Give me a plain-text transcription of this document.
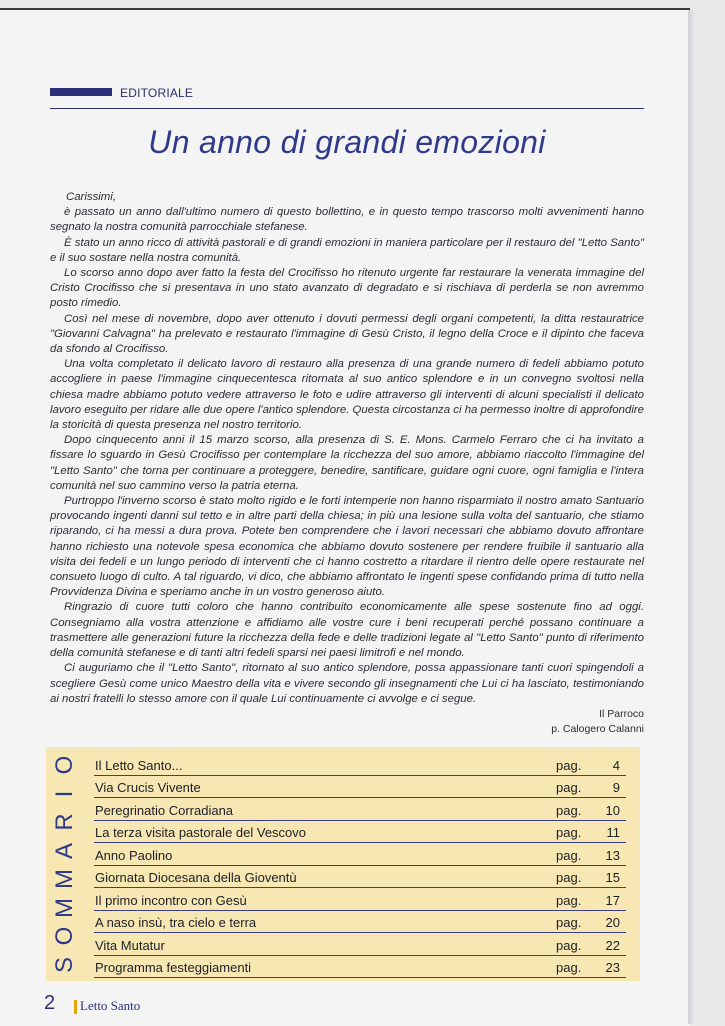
EDITORIALE
Un anno di grandi emozioni

Carissimi,

è passato un anno dall'ultimo numero di questo bollettino, e in questo tempo trascorso molti avvenimenti hanno segnato la nostra comunità parrocchiale stefanese.

È stato un anno ricco di attività pastorali e di grandi emozioni in maniera particolare per il restauro del "Letto Santo" e il suo sostare nella nostra comunità.

Lo scorso anno dopo aver fatto la festa del Crocifisso ho ritenuto urgente far restaurare la venerata immagine del Cristo Crocifisso che si presentava in uno stato avanzato di degradato e si rischiava di perderla se non avremmo posto rimedio.

Così nel mese di novembre, dopo aver ottenuto i dovuti permessi degli organi competenti, la ditta restauratrice "Giovanni Calvagna" ha prelevato e restaurato l'immagine di Gesù Cristo, il legno della Croce e il dipinto che faceva da sfondo al Crocifisso.

Una volta completato il delicato lavoro di restauro alla presenza di una grande numero di fedeli abbiamo potuto accogliere in paese l'immagine cinquecentesca ritornata al suo antico splendore e in un convegno svoltosi nella chiesa madre abbiamo potuto vedere attraverso le foto e udire attraverso gli interventi di alcuni specialisti il delicato lavoro eseguito per ridare alle due opere l'antico splendore. Questa circostanza ci ha permesso inoltre di approfondire la storicità di questa presenza nel nostro territorio.

Dopo cinquecento anni il 15 marzo scorso, alla presenza di S. E. Mons. Carmelo Ferraro che ci ha invitato a fissare lo sguardo in Gesù Crocifisso per contemplare la ricchezza del suo amore, abbiamo riaccolto l'immagine del "Letto Santo" che torna per continuare a proteggere, benedire, santificare, guidare ogni cuore, ogni famiglia e l'intera comunità nel suo cammino verso la patria eterna.

Purtroppo l'inverno scorso è stato molto rigido e le forti intemperie non hanno risparmiato il nostro amato Santuario provocando ingenti danni sul tetto e in altre parti della chiesa; in più una lesione sulla volta del santuario, che stiamo riparando, ci ha messi a dura prova. Potete ben comprendere che i lavori necessari che abbiamo dovuto affrontare hanno richiesto una notevole spesa economica che abbiamo dovuto sostenere per rendere fruibile il santuario alla visita dei fedeli e un lungo periodo di interventi che ci hanno costretto a ritardare il rientro delle opere restaurate nel consueto luogo di culto. A tal riguardo, vi dico, che abbiamo affrontato le ingenti spese confidando prima di tutto nella Provvidenza Divina e speriamo anche in un vostro generoso aiuto.

Ringrazio di cuore tutti coloro che hanno contribuito economicamente alle spese sostenute fino ad oggi. Consegniamo alla vostra attenzione e affidiamo alle vostre cure i beni recuperati perché possano continuare a trasmettere alle generazioni future la ricchezza della fede e delle tradizioni legate al "Letto Santo" punto di riferimento della comunità stefanese e di tanti altri fedeli sparsi nei paesi limitrofi e nel mondo.

Ci auguriamo che il "Letto Santo", ritornato al suo antico splendore, possa appassionare tanti cuori spingendoli a scegliere Gesù come unico Maestro della vita e vivere secondo gli insegnamenti che Lui ci ha lasciato, testimoniando ai nostri fratelli lo stesso amore con il quale Lui continuamente ci avvolge e ci segue.

Il Parroco
p. Calogero Calanni
O
I
R
A
M
M
O
S
Il Letto Santo...	pag. 4
Via Crucis Vivente	pag. 9
Peregrinatio Corradiana	pag. 10
La terza visita pastorale del Vescovo	pag. 11
Anno Paolino	pag. 13
Giornata Diocesana della Gioventù	pag. 15
Il primo incontro con Gesù	pag. 17
A naso insù, tra cielo e terra	pag. 20
Vita Mutatur	pag. 22
Programma festeggiamenti	pag. 23
2 Letto Santo
